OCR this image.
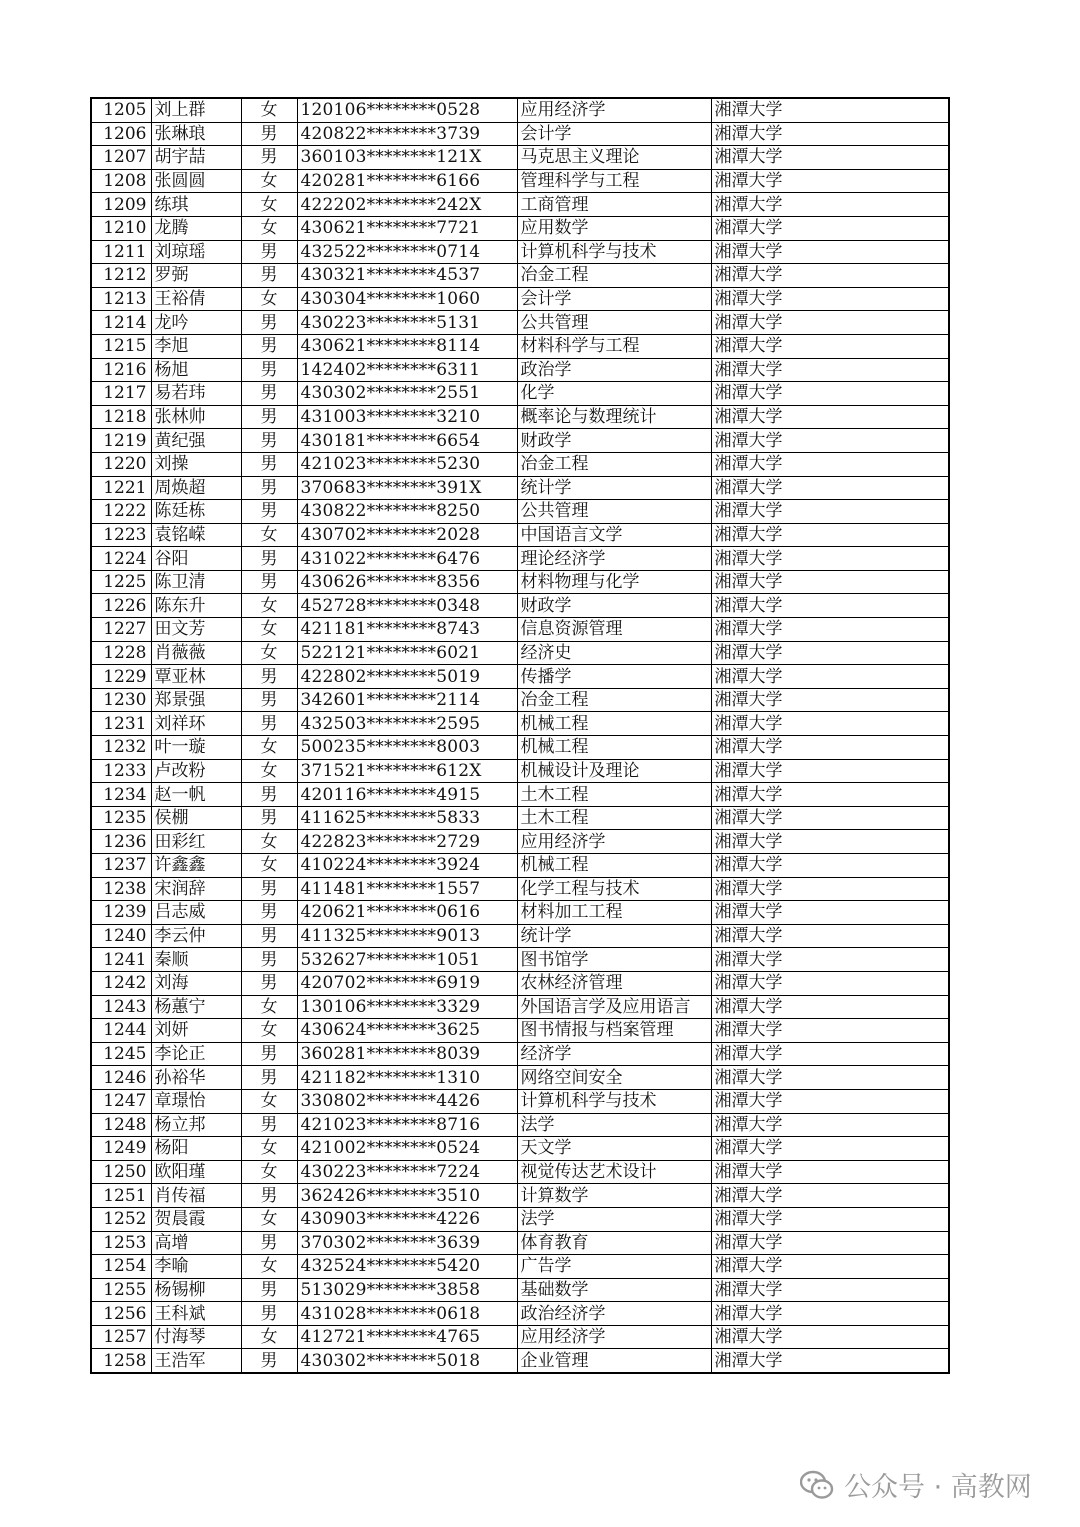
1205	刘上群	女	120106********0528	应用经济学	湘潭大学
1206	张琳琅	男	420822********3739	会计学	湘潭大学
1207	胡宇喆	男	360103********121X	马克思主义理论	湘潭大学
1208	张圆圆	女	420281********6166	管理科学与工程	湘潭大学
1209	练琪	女	422202********242X	工商管理	湘潭大学
1210	龙腾	女	430621********7721	应用数学	湘潭大学
1211	刘琼瑶	男	432522********0714	计算机科学与技术	湘潭大学
1212	罗弼	男	430321********4537	冶金工程	湘潭大学
1213	王裕倩	女	430304********1060	会计学	湘潭大学
1214	龙吟	男	430223********5131	公共管理	湘潭大学
1215	李旭	男	430621********8114	材料科学与工程	湘潭大学
1216	杨旭	男	142402********6311	政治学	湘潭大学
1217	易若玮	男	430302********2551	化学	湘潭大学
1218	张林帅	男	431003********3210	概率论与数理统计	湘潭大学
1219	黄纪强	男	430181********6654	财政学	湘潭大学
1220	刘操	男	421023********5230	冶金工程	湘潭大学
1221	周焕超	男	370683********391X	统计学	湘潭大学
1222	陈廷栋	男	430822********8250	公共管理	湘潭大学
1223	袁铭嵘	女	430702********2028	中国语言文学	湘潭大学
1224	谷阳	男	431022********6476	理论经济学	湘潭大学
1225	陈卫清	男	430626********8356	材料物理与化学	湘潭大学
1226	陈东升	女	452728********0348	财政学	湘潭大学
1227	田文芳	女	421181********8743	信息资源管理	湘潭大学
1228	肖薇薇	女	522121********6021	经济史	湘潭大学
1229	覃亚林	男	422802********5019	传播学	湘潭大学
1230	郑景强	男	342601********2114	冶金工程	湘潭大学
1231	刘祥环	男	432503********2595	机械工程	湘潭大学
1232	叶一璇	女	500235********8003	机械工程	湘潭大学
1233	卢改粉	女	371521********612X	机械设计及理论	湘潭大学
1234	赵一帆	男	420116********4915	土木工程	湘潭大学
1235	侯棚	男	411625********5833	土木工程	湘潭大学
1236	田彩红	女	422823********2729	应用经济学	湘潭大学
1237	许鑫鑫	女	410224********3924	机械工程	湘潭大学
1238	宋润辞	男	411481********1557	化学工程与技术	湘潭大学
1239	吕志威	男	420621********0616	材料加工工程	湘潭大学
1240	李云仲	男	411325********9013	统计学	湘潭大学
1241	秦顺	男	532627********1051	图书馆学	湘潭大学
1242	刘海	男	420702********6919	农林经济管理	湘潭大学
1243	杨蕙宁	女	130106********3329	外国语言学及应用语言	湘潭大学
1244	刘妍	女	430624********3625	图书情报与档案管理	湘潭大学
1245	李论正	男	360281********8039	经济学	湘潭大学
1246	孙裕华	男	421182********1310	网络空间安全	湘潭大学
1247	章璟怡	女	330802********4426	计算机科学与技术	湘潭大学
1248	杨立邦	男	421023********8716	法学	湘潭大学
1249	杨阳	女	421002********0524	天文学	湘潭大学
1250	欧阳瑾	女	430223********7224	视觉传达艺术设计	湘潭大学
1251	肖传福	男	362426********3510	计算数学	湘潭大学
1252	贺晨霞	女	430903********4226	法学	湘潭大学
1253	高增	男	370302********3639	体育教育	湘潭大学
1254	李喻	女	432524********5420	广告学	湘潭大学
1255	杨锡柳	男	513029********3858	基础数学	湘潭大学
1256	王科斌	男	431028********0618	政治经济学	湘潭大学
1257	付海琴	女	412721********4765	应用经济学	湘潭大学
1258	王浩军	男	430302********5018	企业管理	湘潭大学
公众号 · 高教网
